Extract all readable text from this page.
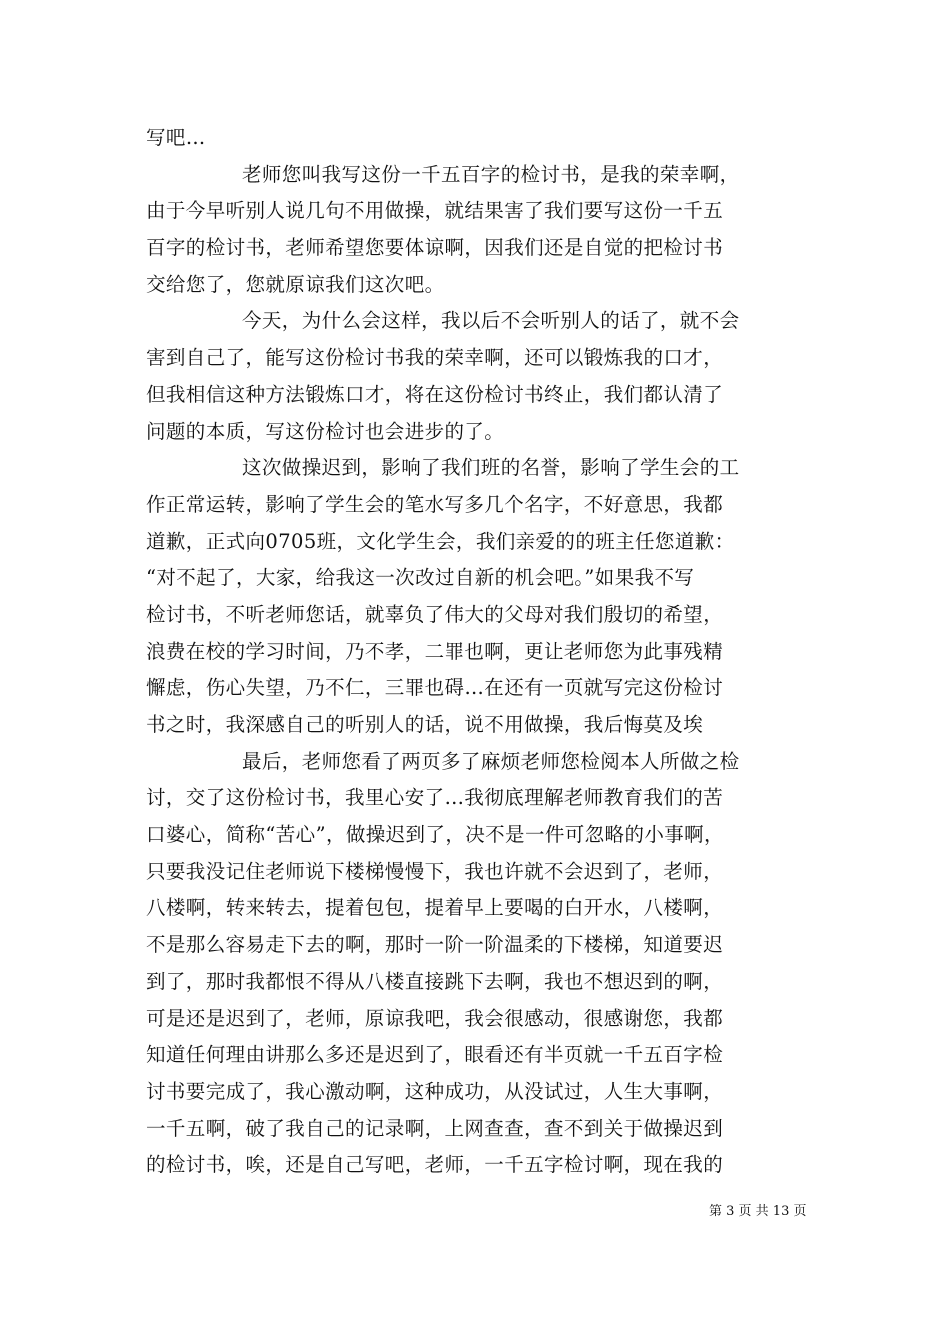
写吧…
老师您叫我写这份一千五百字的检讨书，是我的荣幸啊，
由于今早听别人说几句不用做操，就结果害了我们要写这份一千五
百字的检讨书，老师希望您要体谅啊，因我们还是自觉的把检讨书
交给您了，您就原谅我们这次吧。
今天，为什么会这样，我以后不会听别人的话了，就不会
害到自己了，能写这份检讨书我的荣幸啊，还可以锻炼我的口才，
但我相信这种方法锻炼口才，将在这份检讨书终止，我们都认清了
问题的本质，写这份检讨也会进步的了。
这次做操迟到，影响了我们班的名誉，影响了学生会的工
作正常运转，影响了学生会的笔水写多几个名字，不好意思，我都
道歉，正式向0705班，文化学生会，我们亲爱的的班主任您道歉：
“对不起了，大家，给我这一次改过自新的机会吧。”如果我不写
检讨书，不听老师您话，就辜负了伟大的父母对我们殷切的希望，
浪费在校的学习时间，乃不孝，二罪也啊，更让老师您为此事残精
懈虑，伤心失望，乃不仁，三罪也碍…在还有一页就写完这份检讨
书之时，我深感自己的听别人的话，说不用做操，我后悔莫及埃
最后，老师您看了两页多了麻烦老师您检阅本人所做之检
讨，交了这份检讨书，我里心安了…我彻底理解老师教育我们的苦
口婆心，简称“苦心”，做操迟到了，决不是一件可忽略的小事啊，
只要我没记住老师说下楼梯慢慢下，我也许就不会迟到了，老师，
八楼啊，转来转去，提着包包，提着早上要喝的白开水，八楼啊，
不是那么容易走下去的啊，那时一阶一阶温柔的下楼梯，知道要迟
到了，那时我都恨不得从八楼直接跳下去啊，我也不想迟到的啊，
可是还是迟到了，老师，原谅我吧，我会很感动，很感谢您，我都
知道任何理由讲那么多还是迟到了，眼看还有半页就一千五百字检
讨书要完成了，我心激动啊，这种成功，从没试过，人生大事啊，
一千五啊，破了我自己的记录啊，上网查查，查不到关于做操迟到
的检讨书，唉，还是自己写吧，老师，一千五字检讨啊，现在我的
第 3 页 共 13 页
